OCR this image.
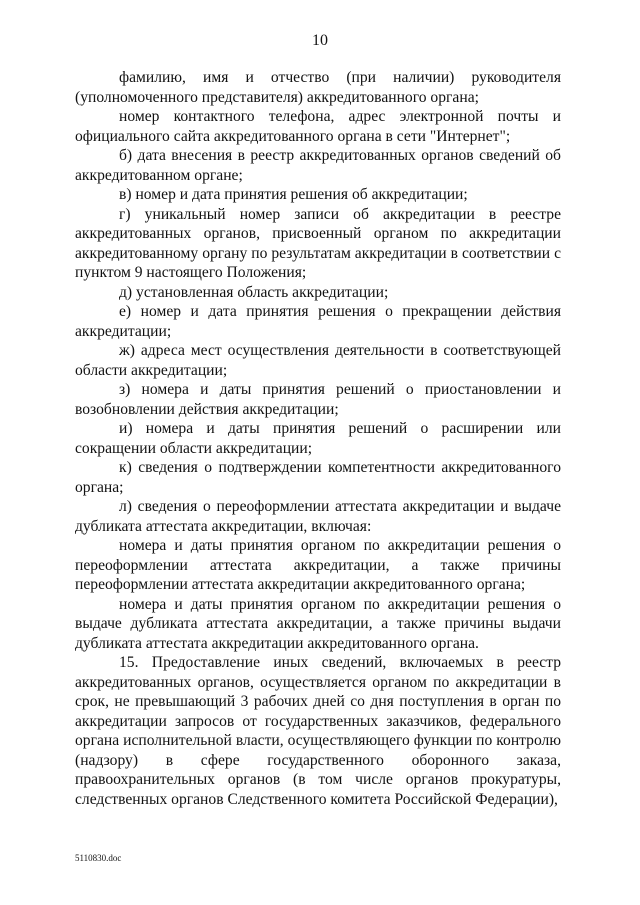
10

фамилию, имя и отчество (при наличии) руководителя (уполномоченного представителя) аккредитованного органа;

номер контактного телефона, адрес электронной почты и официального сайта аккредитованного органа в сети "Интернет";

б) дата внесения в реестр аккредитованных органов сведений об аккредитованном органе;

в) номер и дата принятия решения об аккредитации;

г) уникальный номер записи об аккредитации в реестре аккредитованных органов, присвоенный органом по аккредитации аккредитованному органу по результатам аккредитации в соответствии с пунктом 9 настоящего Положения;

д) установленная область аккредитации;

е) номер и дата принятия решения о прекращении действия аккредитации;

ж) адреса мест осуществления деятельности в соответствующей области аккредитации;

з) номера и даты принятия решений о приостановлении и возобновлении действия аккредитации;

и) номера и даты принятия решений о расширении или сокращении области аккредитации;

к) сведения о подтверждении компетентности аккредитованного органа;

л) сведения о переоформлении аттестата аккредитации и выдаче дубликата аттестата аккредитации, включая:

номера и даты принятия органом по аккредитации решения о переоформлении аттестата аккредитации, а также причины переоформлении аттестата аккредитации аккредитованного органа;

номера и даты принятия органом по аккредитации решения о выдаче дубликата аттестата аккредитации, а также причины выдачи дубликата аттестата аккредитации аккредитованного органа.

15. Предоставление иных сведений, включаемых в реестр аккредитованных органов, осуществляется органом по аккредитации в срок, не превышающий 3 рабочих дней со дня поступления в орган по аккредитации запросов от государственных заказчиков, федерального органа исполнительной власти, осуществляющего функции по контролю (надзору) в сфере государственного оборонного заказа, правоохранительных органов (в том числе органов прокуратуры, следственных органов Следственного комитета Российской Федерации),

5110830.doc
